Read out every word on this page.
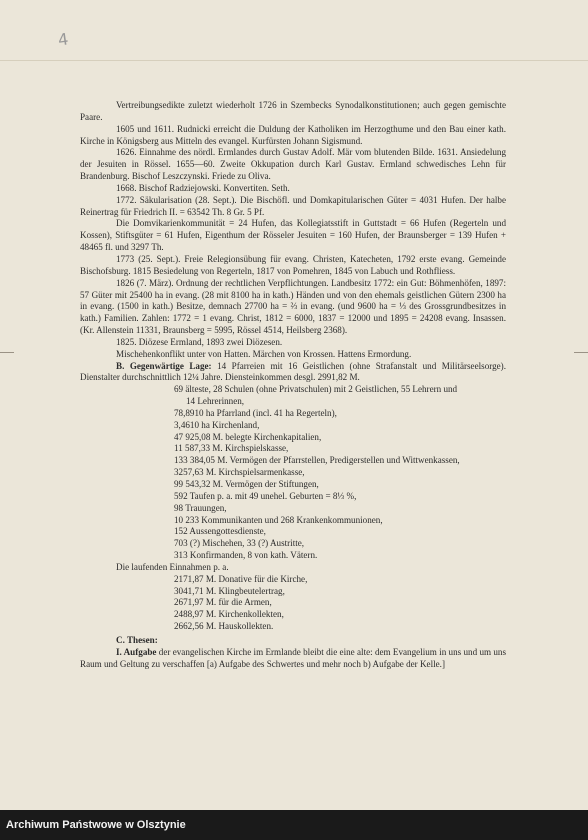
4

Vertreibungsedikte zuletzt wiederholt 1726 in Szembecks Synodalkonstitutionen; auch gegen gemischte Paare.

1605 und 1611. Rudnicki erreicht die Duldung der Katholiken im Herzogthume und den Bau einer kath. Kirche in Königsberg aus Mitteln des evangel. Kurfürsten Johann Sigismund.

1626. Einnahme des nördl. Ermlandes durch Gustav Adolf. Mär vom blutenden Bilde. 1631. Ansiedelung der Jesuiten in Rössel. 1655—60. Zweite Okkupation durch Karl Gustav. Ermland schwedisches Lehn für Brandenburg. Bischof Leszczynski. Friede zu Oliva.

1668. Bischof Radziejowski. Konvertiten. Seth.

1772. Säkularisation (28. Sept.). Die Bischöfl. und Domkapitularischen Güter = 4031 Hufen. Der halbe Reinertrag für Friedrich II. = 63542 Th. 8 Gr. 5 Pf.

Die Domvikarienkommunität = 24 Hufen, das Kollegiatsstift in Guttstadt = 66 Hufen (Regerteln und Kossen), Stiftsgüter = 61 Hufen, Eigenthum der Rösseler Jesuiten = 160 Hufen, der Braunsberger = 139 Hufen + 48465 fl. und 3297 Th.

1773 (25. Sept.). Freie Relegionsübung für evang. Christen, Katecheten, 1792 erste evang. Gemeinde Bischofsburg. 1815 Besiedelung von Regerteln, 1817 von Pomehren, 1845 von Labuch und Rothfliess.

1826 (7. März). Ordnung der rechtlichen Verpflichtungen. Landbesitz 1772: ein Gut: Böhmenhöfen, 1897: 57 Güter mit 25400 ha in evang. (28 mit 8100 ha in kath.) Händen und von den ehemals geistlichen Gütern 2300 ha in evang. (1500 in kath.) Besitze, demnach 27700 ha = ⅔ in evang. (und 9600 ha = ⅓ des Grossgrundbesitzes in kath.) Familien. Zahlen: 1772 = 1 evang. Christ, 1812 = 6000, 1837 = 12000 und 1895 = 24208 evang. Insassen. (Kr. Allenstein 11331, Braunsberg = 5995, Rössel 4514, Heilsberg 2368).

1825. Diözese Ermland, 1893 zwei Diözesen.

Mischehenkonflikt unter von Hatten. Märchen von Krossen. Hattens Ermordung.

B. Gegenwärtige Lage: 14 Pfarreien mit 16 Geistlichen (ohne Strafanstalt und Militärseelsorge). Dienstalter durchschnittlich 12¼ Jahre. Diensteinkommen desgl. 2991,82 M.

69 älteste, 28 Schulen (ohne Privatschulen) mit 2 Geistlichen, 55 Lehrern und
14 Lehrerinnen,
78,8910 ha Pfarrland (incl. 41 ha Regerteln),
3,4610 ha Kirchenland,
47 925,08 M. belegte Kirchenkapitalien,
11 587,33 M. Kirchspielskasse,
133 384,05 M. Vermögen der Pfarrstellen, Predigerstellen und Wittwenkassen,
3257,63 M. Kirchspielsarmenkasse,
99 543,32 M. Vermögen der Stiftungen,
592 Taufen p. a. mit 49 unehel. Geburten = 8⅓ %,
98 Trauungen,
10 233 Kommunikanten und 268 Krankenkommunionen,
152 Aussengottesdienste,
703 (?) Mischehen, 33 (?) Austritte,
313 Konfirmanden, 8 von kath. Vätern.

Die laufenden Einnahmen p. a.

2171,87 M. Donative für die Kirche,
3041,71 M. Klingbeutelertrag,
2671,97 M. für die Armen,
2488,97 M. Kirchenkollekten,
2662,56 M. Hauskollekten.

C. Thesen:

I. Aufgabe der evangelischen Kirche im Ermlande bleibt die eine alte: dem Evangelium in uns und um uns Raum und Geltung zu verschaffen [a) Aufgabe des Schwertes und mehr noch b) Aufgabe der Kelle.]

Archiwum Państwowe w Olsztynie
